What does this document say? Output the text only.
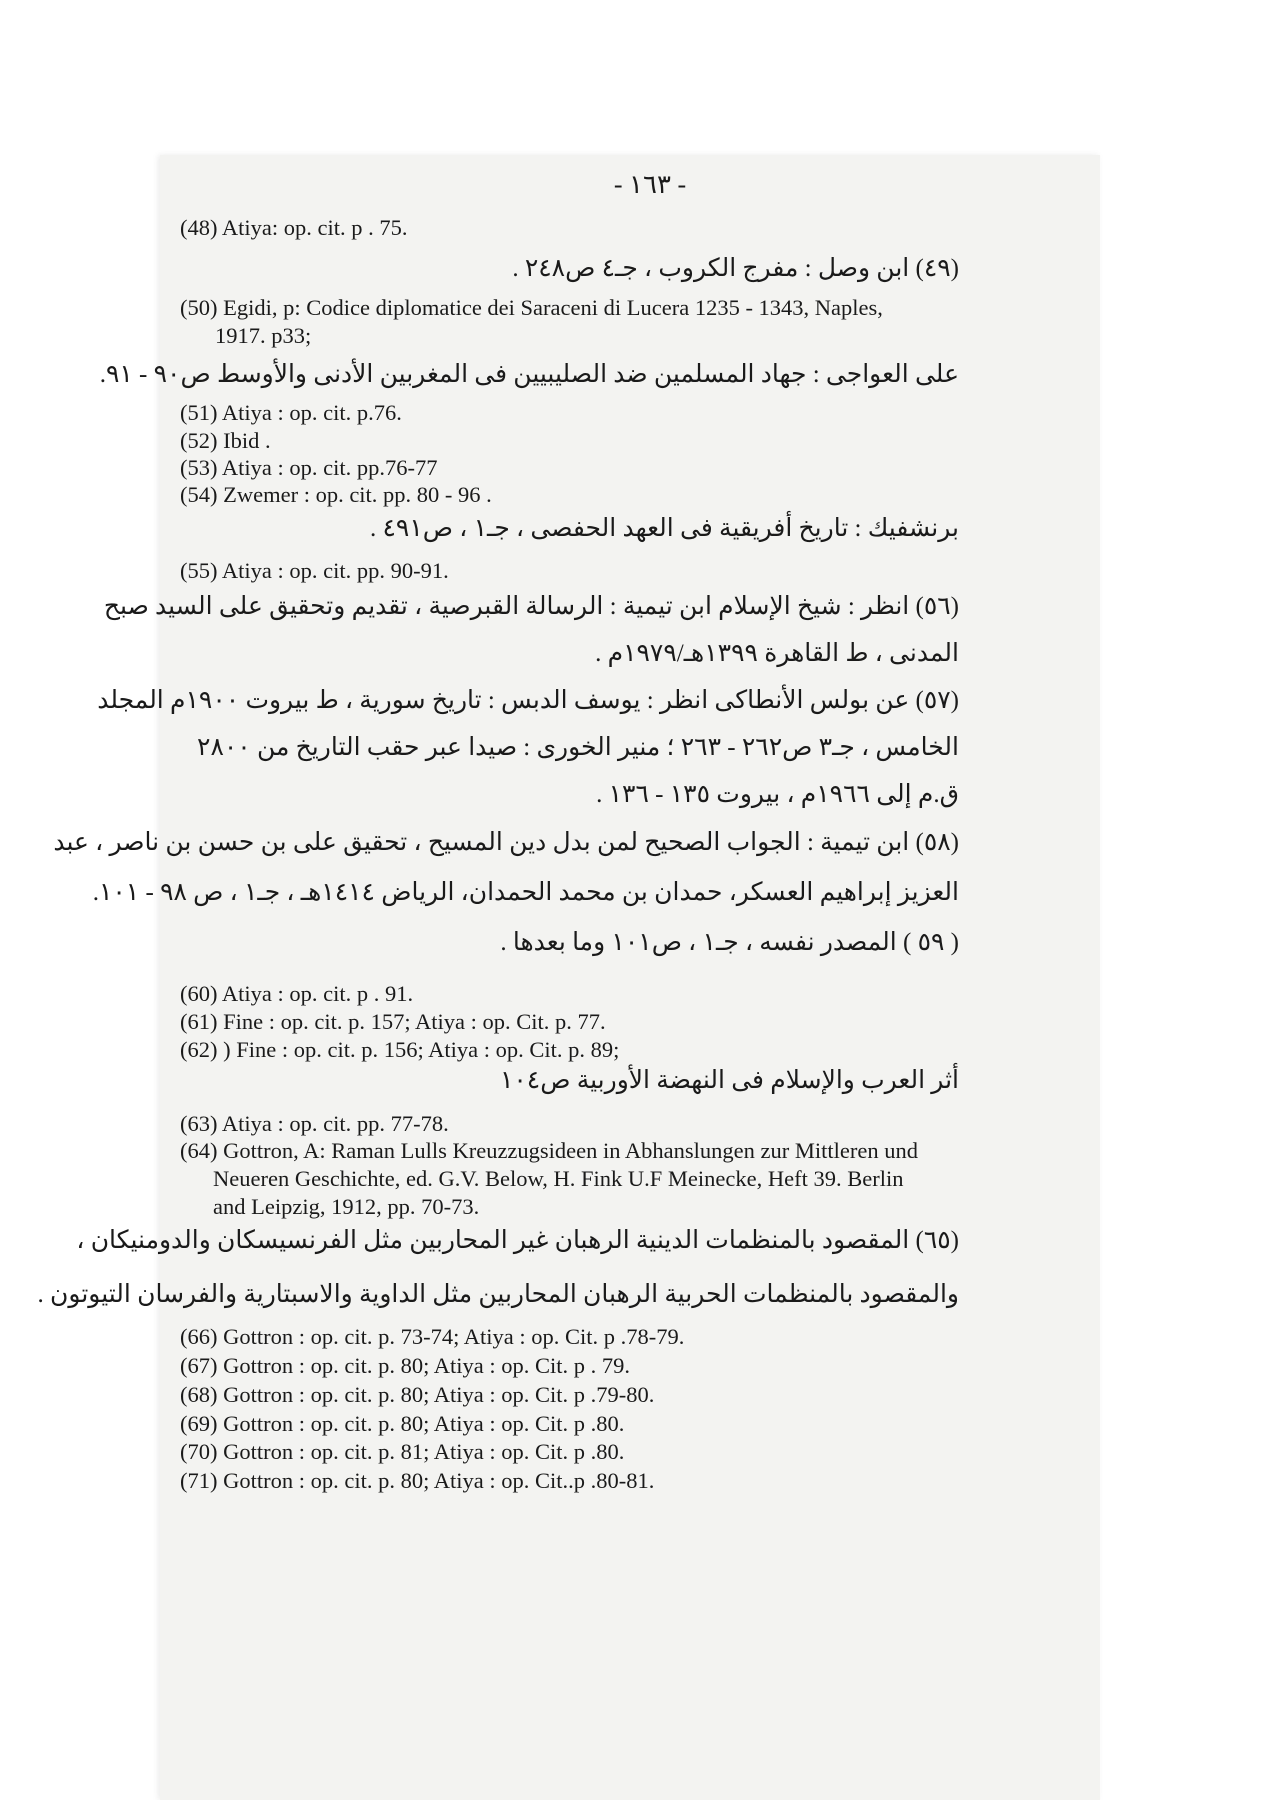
- ١٦٣ -
(48) Atiya: op. cit. p . 75.
(٤٩) ابن وصل : مفرج الكروب ، جـ٤ ص٢٤٨ .
(50) Egidi, p: Codice diplomatice dei Saraceni di Lucera 1235 - 1343, Naples,
1917. p33;
على العواجى : جهاد المسلمين ضد الصليبيين فى المغربين الأدنى والأوسط ص٩٠ - ٩١.
(51) Atiya : op. cit. p.76.
(52) Ibid .
(53) Atiya : op. cit. pp.76-77
(54) Zwemer : op. cit. pp. 80 - 96 .
برنشفيك : تاريخ أفريقية فى العهد الحفصى ، جـ١ ، ص٤٩١ .
(55) Atiya : op. cit. pp. 90-91.
(٥٦) انظر : شيخ الإسلام ابن تيمية : الرسالة القبرصية ، تقديم وتحقيق على السيد صبح
المدنى ، ط القاهرة ١٣٩٩هـ/١٩٧٩م .
(٥٧) عن بولس الأنطاكى انظر : يوسف الدبس : تاريخ سورية ، ط بيروت ١٩٠٠م المجلد
الخامس ، جـ٣ ص٢٦٢ - ٢٦٣ ؛ منير الخورى : صيدا عبر حقب التاريخ من ٢٨٠٠
ق.م إلى ١٩٦٦م ، بيروت ١٣٥ - ١٣٦ .
(٥٨) ابن تيمية : الجواب الصحيح لمن بدل دين المسيح ، تحقيق على بن حسن بن ناصر ، عبد
العزيز إبراهيم العسكر، حمدان بن محمد الحمدان، الرياض ١٤١٤هـ ، جـ١ ، ص ٩٨ - ١٠١.
( ٥٩ ) المصدر نفسه ، جـ١ ، ص١٠١ وما بعدها .
(60) Atiya : op. cit. p . 91.
(61) Fine : op. cit. p. 157; Atiya : op. Cit. p. 77.
(62) ) Fine : op. cit. p. 156; Atiya : op. Cit. p. 89;
أثر العرب والإسلام فى النهضة الأوربية ص١٠٤
(63) Atiya : op. cit. pp. 77-78.
(64) Gottron, A: Raman Lulls Kreuzzugsideen in Abhanslungen zur Mittleren und
Neueren Geschichte, ed. G.V. Below, H. Fink U.F Meinecke, Heft 39. Berlin
and Leipzig, 1912, pp. 70-73.
(٦٥) المقصود بالمنظمات الدينية الرهبان غير المحاربين مثل الفرنسيسكان والدومنيكان ،
والمقصود بالمنظمات الحربية الرهبان المحاربين مثل الداوية والاسبتارية والفرسان التيوتون .
(66) Gottron : op. cit. p. 73-74; Atiya : op. Cit. p .78-79.
(67) Gottron : op. cit. p. 80; Atiya : op. Cit. p . 79.
(68) Gottron : op. cit. p. 80; Atiya : op. Cit. p .79-80.
(69) Gottron : op. cit. p. 80; Atiya : op. Cit. p .80.
(70) Gottron : op. cit. p. 81; Atiya : op. Cit. p .80.
(71) Gottron : op. cit. p. 80; Atiya : op. Cit..p .80-81.
